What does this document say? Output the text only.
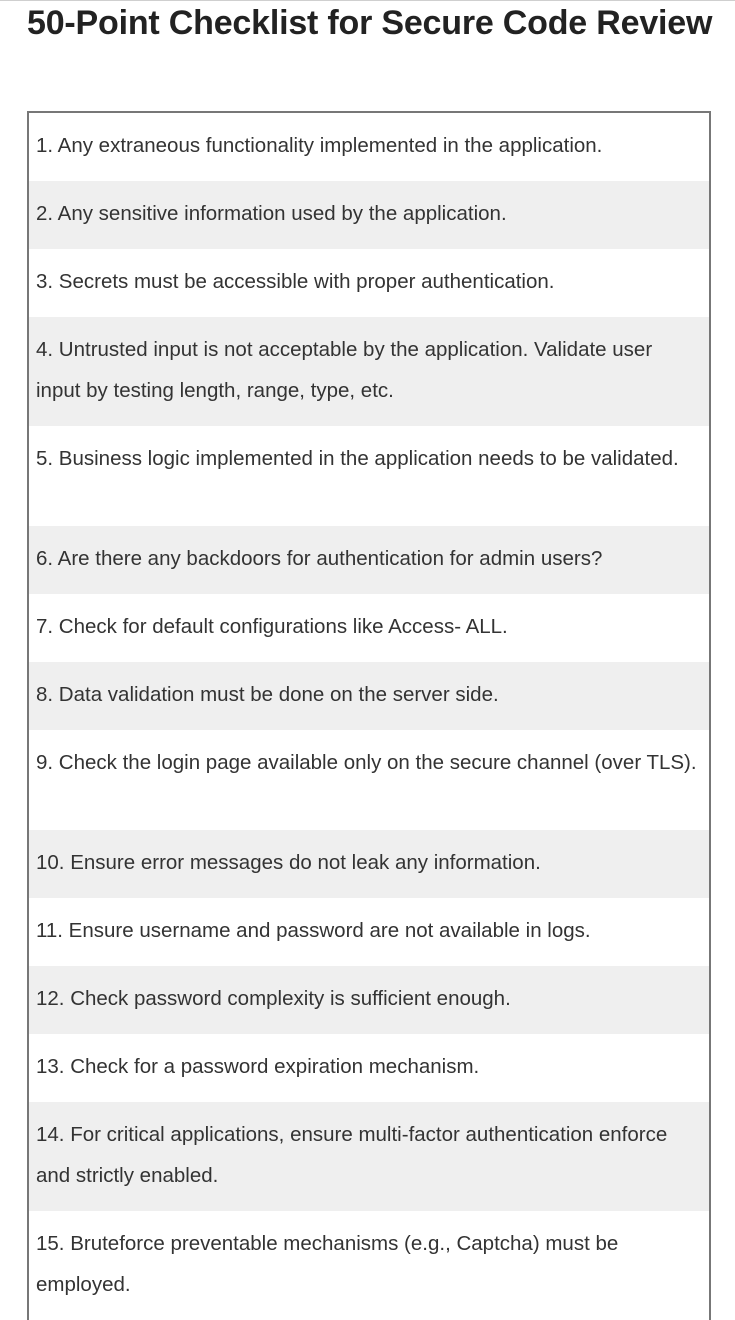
50-Point Checklist for Secure Code Review
1. Any extraneous functionality implemented in the application.
2. Any sensitive information used by the application.
3. Secrets must be accessible with proper authentication.
4. Untrusted input is not acceptable by the application. Validate user input by testing length, range, type, etc.
5. Business logic implemented in the application needs to be validated.
6. Are there any backdoors for authentication for admin users?
7. Check for default configurations like Access- ALL.
8. Data validation must be done on the server side.
9. Check the login page available only on the secure channel (over TLS).
10. Ensure error messages do not leak any information.
11. Ensure username and password are not available in logs.
12. Check password complexity is sufficient enough.
13. Check for a password expiration mechanism.
14. For critical applications, ensure multi-factor authentication enforce and strictly enabled.
15. Bruteforce preventable mechanisms (e.g., Captcha) must be employed.
